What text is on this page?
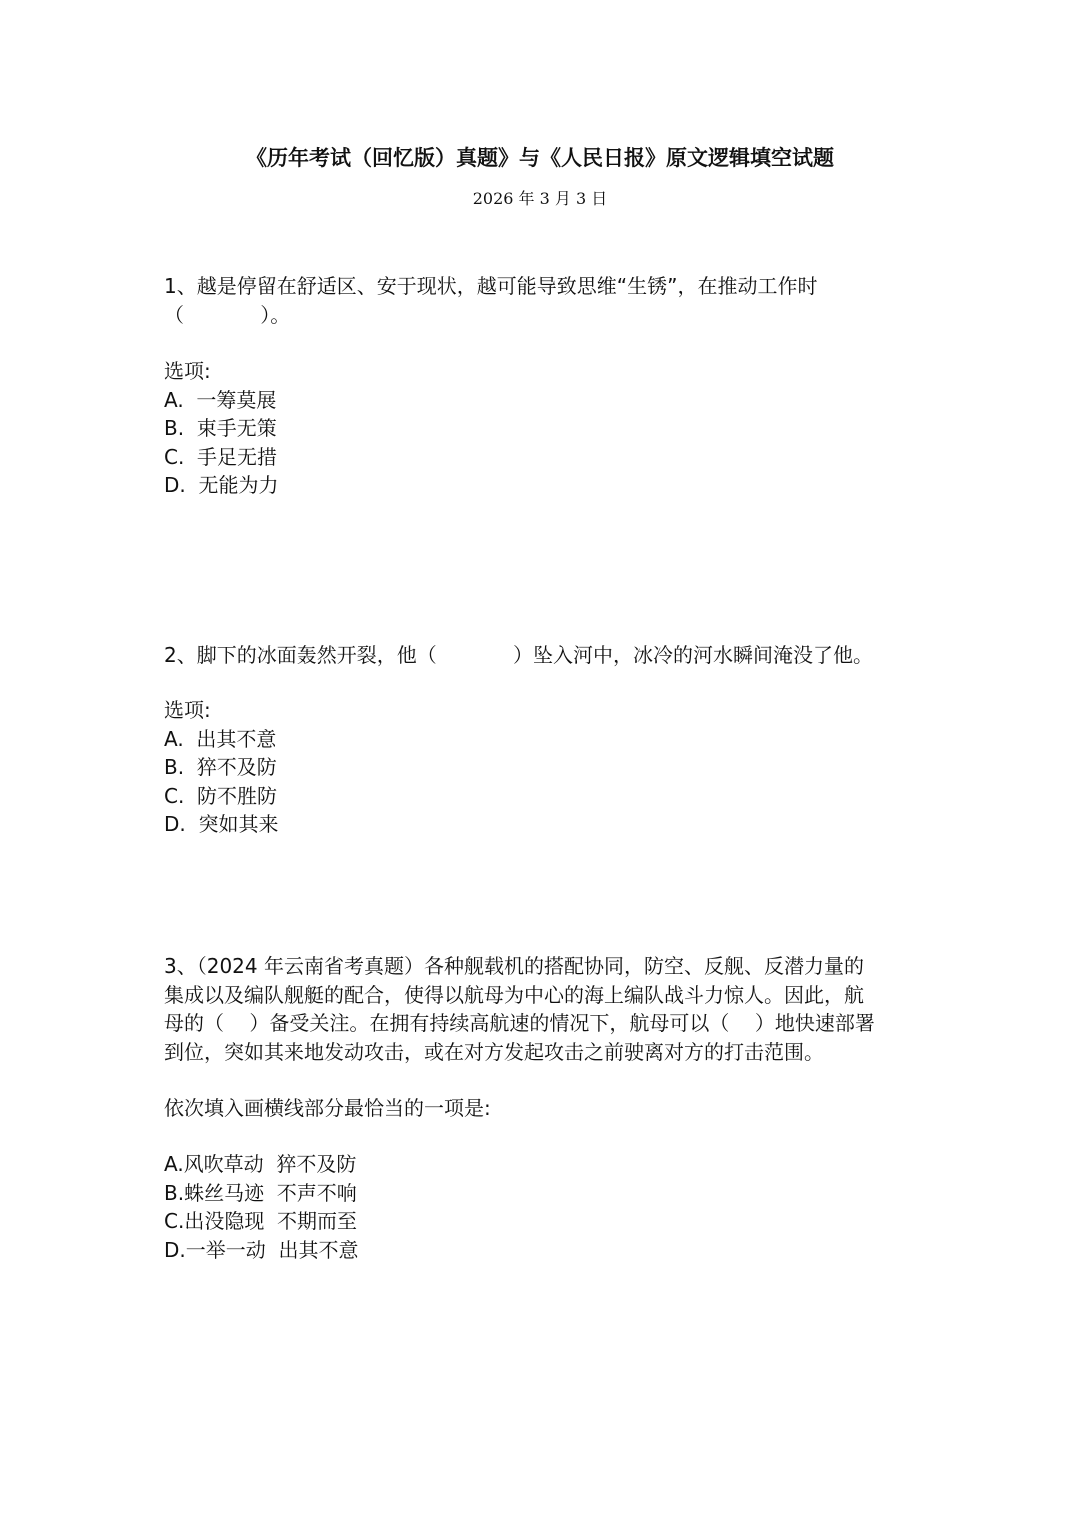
《历年考试（回忆版）真题》与《人民日报》原文逻辑填空试题
2026 年 3 月 3 日
1、越是停留在舒适区、安于现状，越可能导致思维“生锈”，在推动工作时
（            ）。
选项:
A.  一筹莫展
B.  束手无策
C.  手足无措
D.  无能为力
2、脚下的冰面轰然开裂，他（            ）坠入河中，冰冷的河水瞬间淹没了他。
选项:
A.  出其不意
B.  猝不及防
C.  防不胜防
D.  突如其来
3、（2024 年云南省考真题）各种舰载机的搭配协同，防空、反舰、反潜力量的
集成以及编队舰艇的配合，使得以航母为中心的海上编队战斗力惊人。因此，航
母的（    ）备受关注。在拥有持续高航速的情况下，航母可以（    ）地快速部署
到位，突如其来地发动攻击，或在对方发起攻击之前驶离对方的打击范围。
依次填入画横线部分最恰当的一项是:
A.风吹草动  猝不及防
B.蛛丝马迹  不声不响
C.出没隐现  不期而至
D.一举一动  出其不意
